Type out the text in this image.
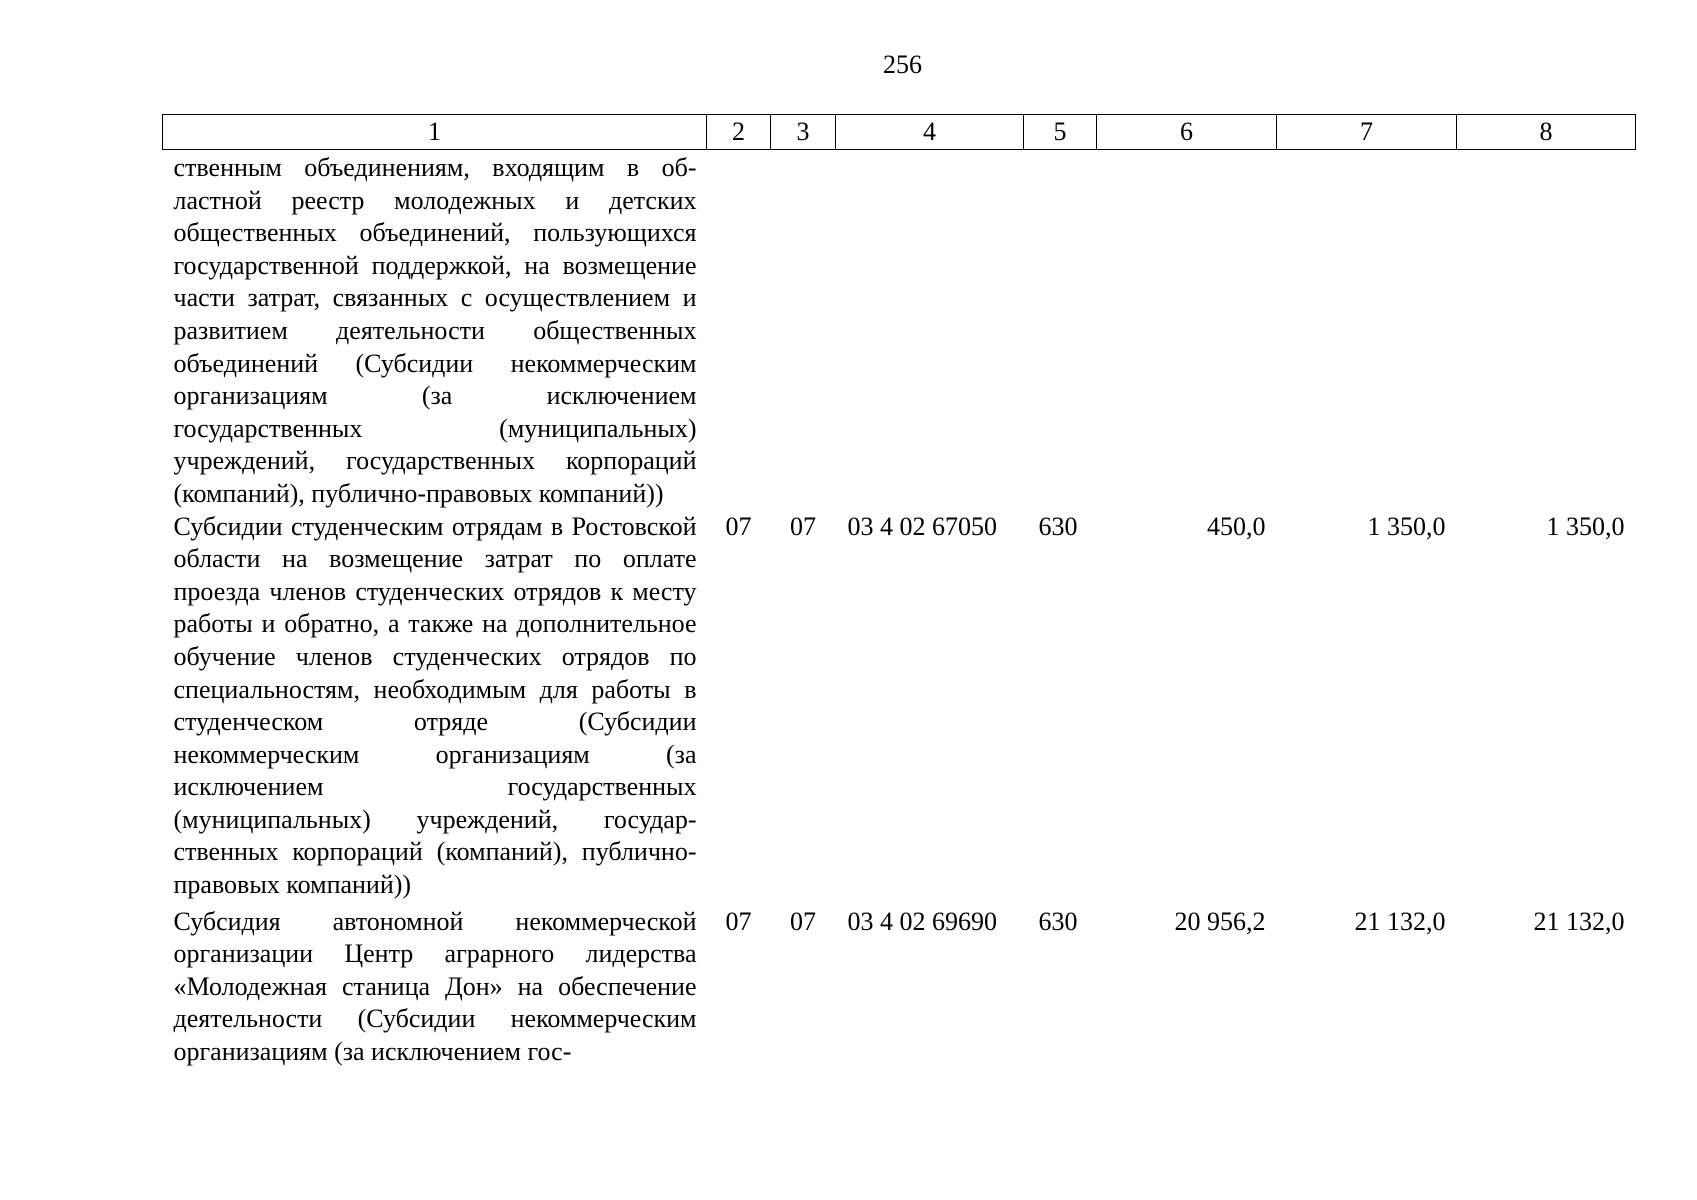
256
1	2	3	4	5	6	7	8
ственным объединениям, входящим в областной реестр молодежных и детских общественных объединений, пользующихся государственной поддержкой, на возмещение части затрат, связанных с осуществлением и развитием деятельности общественных объединений (Субсидии некоммерческим организациям (за исключением государственных (муниципальных) учреждений, государственных корпораций (компаний), публично-правовых компаний))							
Субсидии студенческим отрядам в Ростовской области на возмещение затрат по оплате проезда членов студенческих отрядов к месту работы и обратно, а также на дополнительное обучение членов студенческих отрядов по специальностям, необходимым для работы в студенческом отряде (Субсидии некоммерческим организациям (за исключением государственных (муниципальных) учреждений, государственных корпораций (компаний), публично-правовых компаний))	07	07	03 4 02 67050	630	450,0	1 350,0	1 350,0
Субсидия автономной некоммерческой организации Центр аграрного лидерства «Молодежная станица Дон» на обеспечение деятельности (Субсидии некоммерческим организациям (за исключением гос-	07	07	03 4 02 69690	630	20 956,2	21 132,0	21 132,0
